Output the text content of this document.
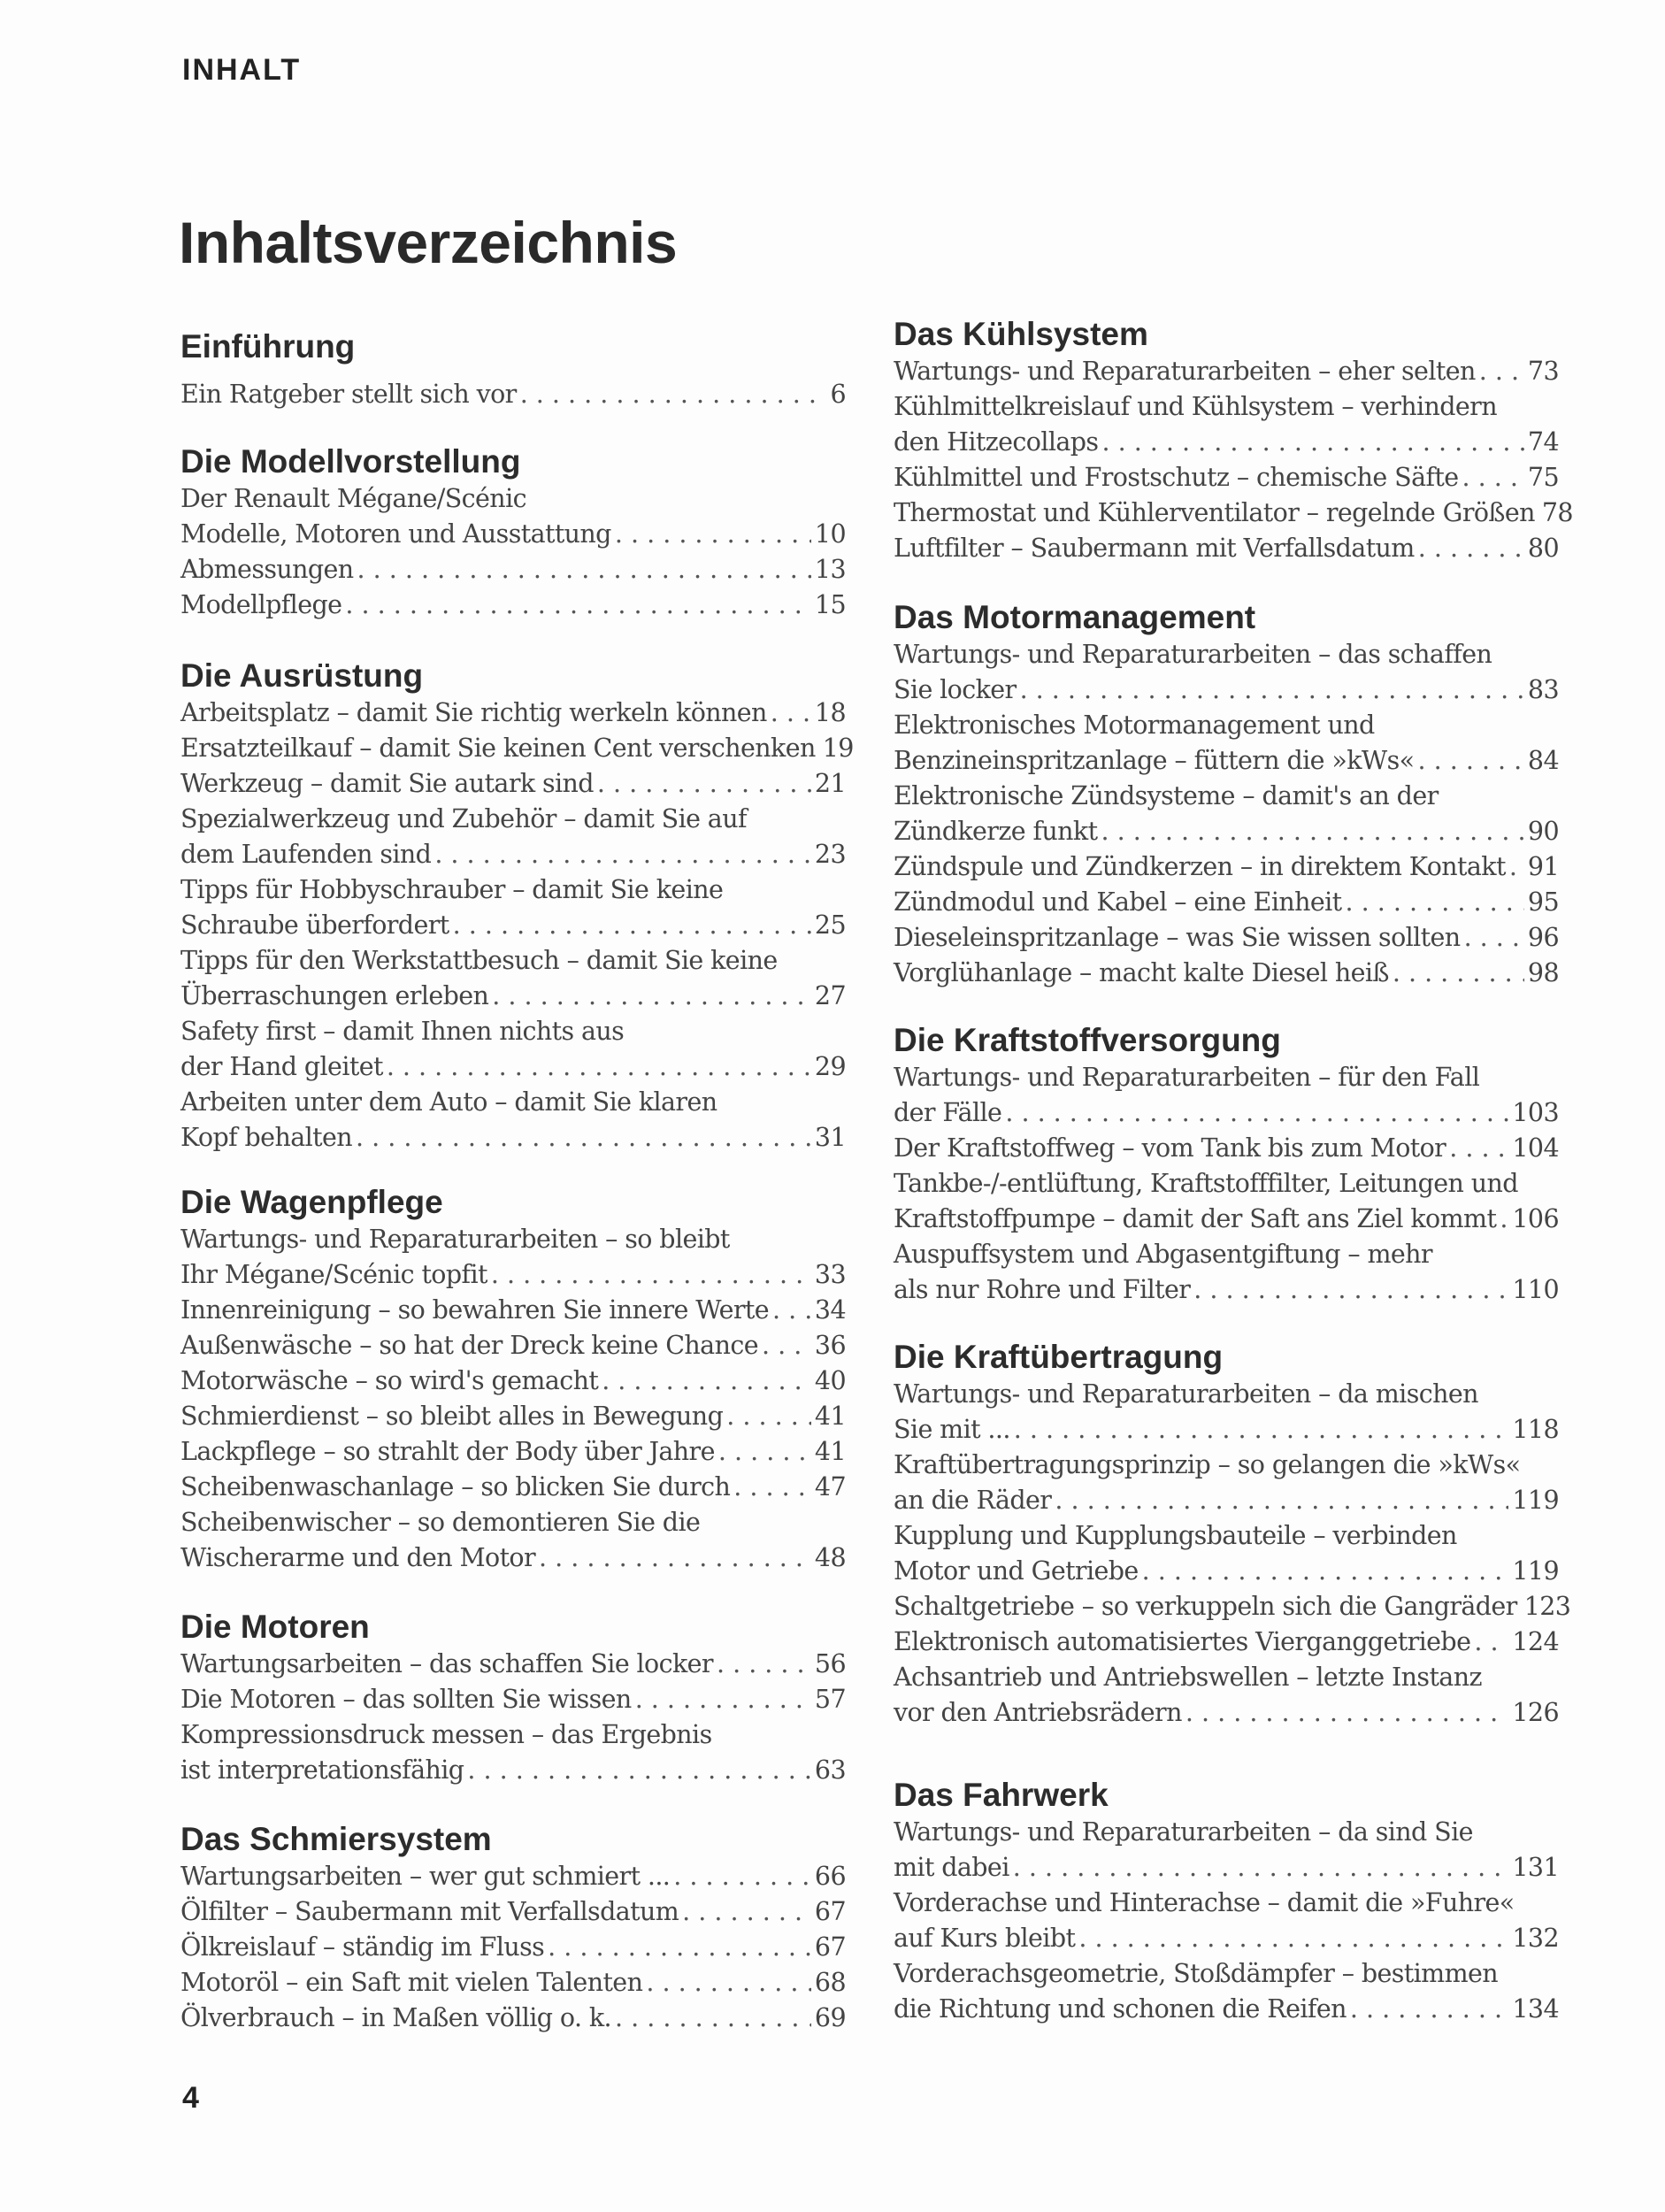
INHALT
Inhaltsverzeichnis
Einführung
Ein Ratgeber stellt sich vor . . .	6
Die Modellvorstellung
Der Renault Mégane/Scénic
Modelle, Motoren und Ausstattung . . .	10
Abmessungen . . .	13
Modellpflege . . .	15
Die Ausrüstung
Arbeitsplatz – damit Sie richtig werkeln können . . . 18
Ersatzteilkauf – damit Sie keinen Cent verschenken 19
Werkzeug – damit Sie autark sind . . .	21
Spezialwerkzeug und Zubehör – damit Sie auf
dem Laufenden sind . . .	23
Tipps für Hobbyschrauber – damit Sie keine
Schraube überfordert . . .	25
Tipps für den Werkstattbesuch – damit Sie keine
Überraschungen erleben . . .	27
Safety first – damit Ihnen nichts aus
der Hand gleitet . . .	29
Arbeiten unter dem Auto – damit Sie klaren
Kopf behalten . . .	31
Die Wagenpflege
Wartungs- und Reparaturarbeiten – so bleibt
Ihr Mégane/Scénic topfit . . .	33
Innenreinigung – so bewahren Sie innere Werte . . . 34
Außenwäsche – so hat der Dreck keine Chance . . . 36
Motorwäsche – so wird's gemacht . . .	40
Schmierdienst – so bleibt alles in Bewegung . . .	41
Lackpflege – so strahlt der Body über Jahre . . .	41
Scheibenwaschanlage – so blicken Sie durch . . .	47
Scheibenwischer – so demontieren Sie die
Wischerarme und den Motor . . .	48
Die Motoren
Wartungsarbeiten – das schaffen Sie locker . . .	56
Die Motoren – das sollten Sie wissen . . .	57
Kompressionsdruck messen – das Ergebnis
ist interpretationsfähig . . .	63
Das Schmiersystem
Wartungsarbeiten – wer gut schmiert ... . . .	66
Ölfilter – Saubermann mit Verfallsdatum . . .	67
Ölkreislauf – ständig im Fluss . . .	67
Motoröl – ein Saft mit vielen Talenten . . .	68
Ölverbrauch – in Maßen völlig o. k. . . .	69
Das Kühlsystem
Wartungs- und Reparaturarbeiten – eher selten . . . 73
Kühlmittelkreislauf und Kühlsystem – verhindern
den Hitzecollaps . . .	74
Kühlmittel und Frostschutz – chemische Säfte . . .	75
Thermostat und Kühlerventilator – regelnde Größen 78
Luftfilter – Saubermann mit Verfallsdatum . . .	80
Das Motormanagement
Wartungs- und Reparaturarbeiten – das schaffen
Sie locker . . .	83
Elektronisches Motormanagement und
Benzineinspritzanlage – füttern die »kWs« . . .	84
Elektronische Zündsysteme – damit's an der
Zündkerze funkt . . .	90
Zündspule und Zündkerzen – in direktem Kontakt . . . 91
Zündmodul und Kabel – eine Einheit . . .	95
Dieseleinspritzanlage – was Sie wissen sollten . . .	96
Vorglühanlage – macht kalte Diesel heiß . . .	98
Die Kraftstoffversorgung
Wartungs- und Reparaturarbeiten – für den Fall
der Fälle . . .	103
Der Kraftstoffweg – vom Tank bis zum Motor . . .	104
Tankbe-/-entlüftung, Kraftstofffilter, Leitungen und
Kraftstoffpumpe – damit der Saft ans Ziel kommt . . . 106
Auspuffsystem und Abgasentgiftung – mehr
als nur Rohre und Filter . . .	110
Die Kraftübertragung
Wartungs- und Reparaturarbeiten – da mischen
Sie mit ... . . .	118
Kraftübertragungsprinzip – so gelangen die »kWs«
an die Räder . . .	119
Kupplung und Kupplungsbauteile – verbinden
Motor und Getriebe . . .	119
Schaltgetriebe – so verkuppeln sich die Gangräder 123
Elektronisch automatisiertes Vierganggetriebe . . . 124
Achsantrieb und Antriebswellen – letzte Instanz
vor den Antriebsrädern . . .	126
Das Fahrwerk
Wartungs- und Reparaturarbeiten – da sind Sie
mit dabei . . .	131
Vorderachse und Hinterachse – damit die »Fuhre«
auf Kurs bleibt . . .	132
Vorderachsgeometrie, Stoßdämpfer – bestimmen
die Richtung und schonen die Reifen . . .	134
4
